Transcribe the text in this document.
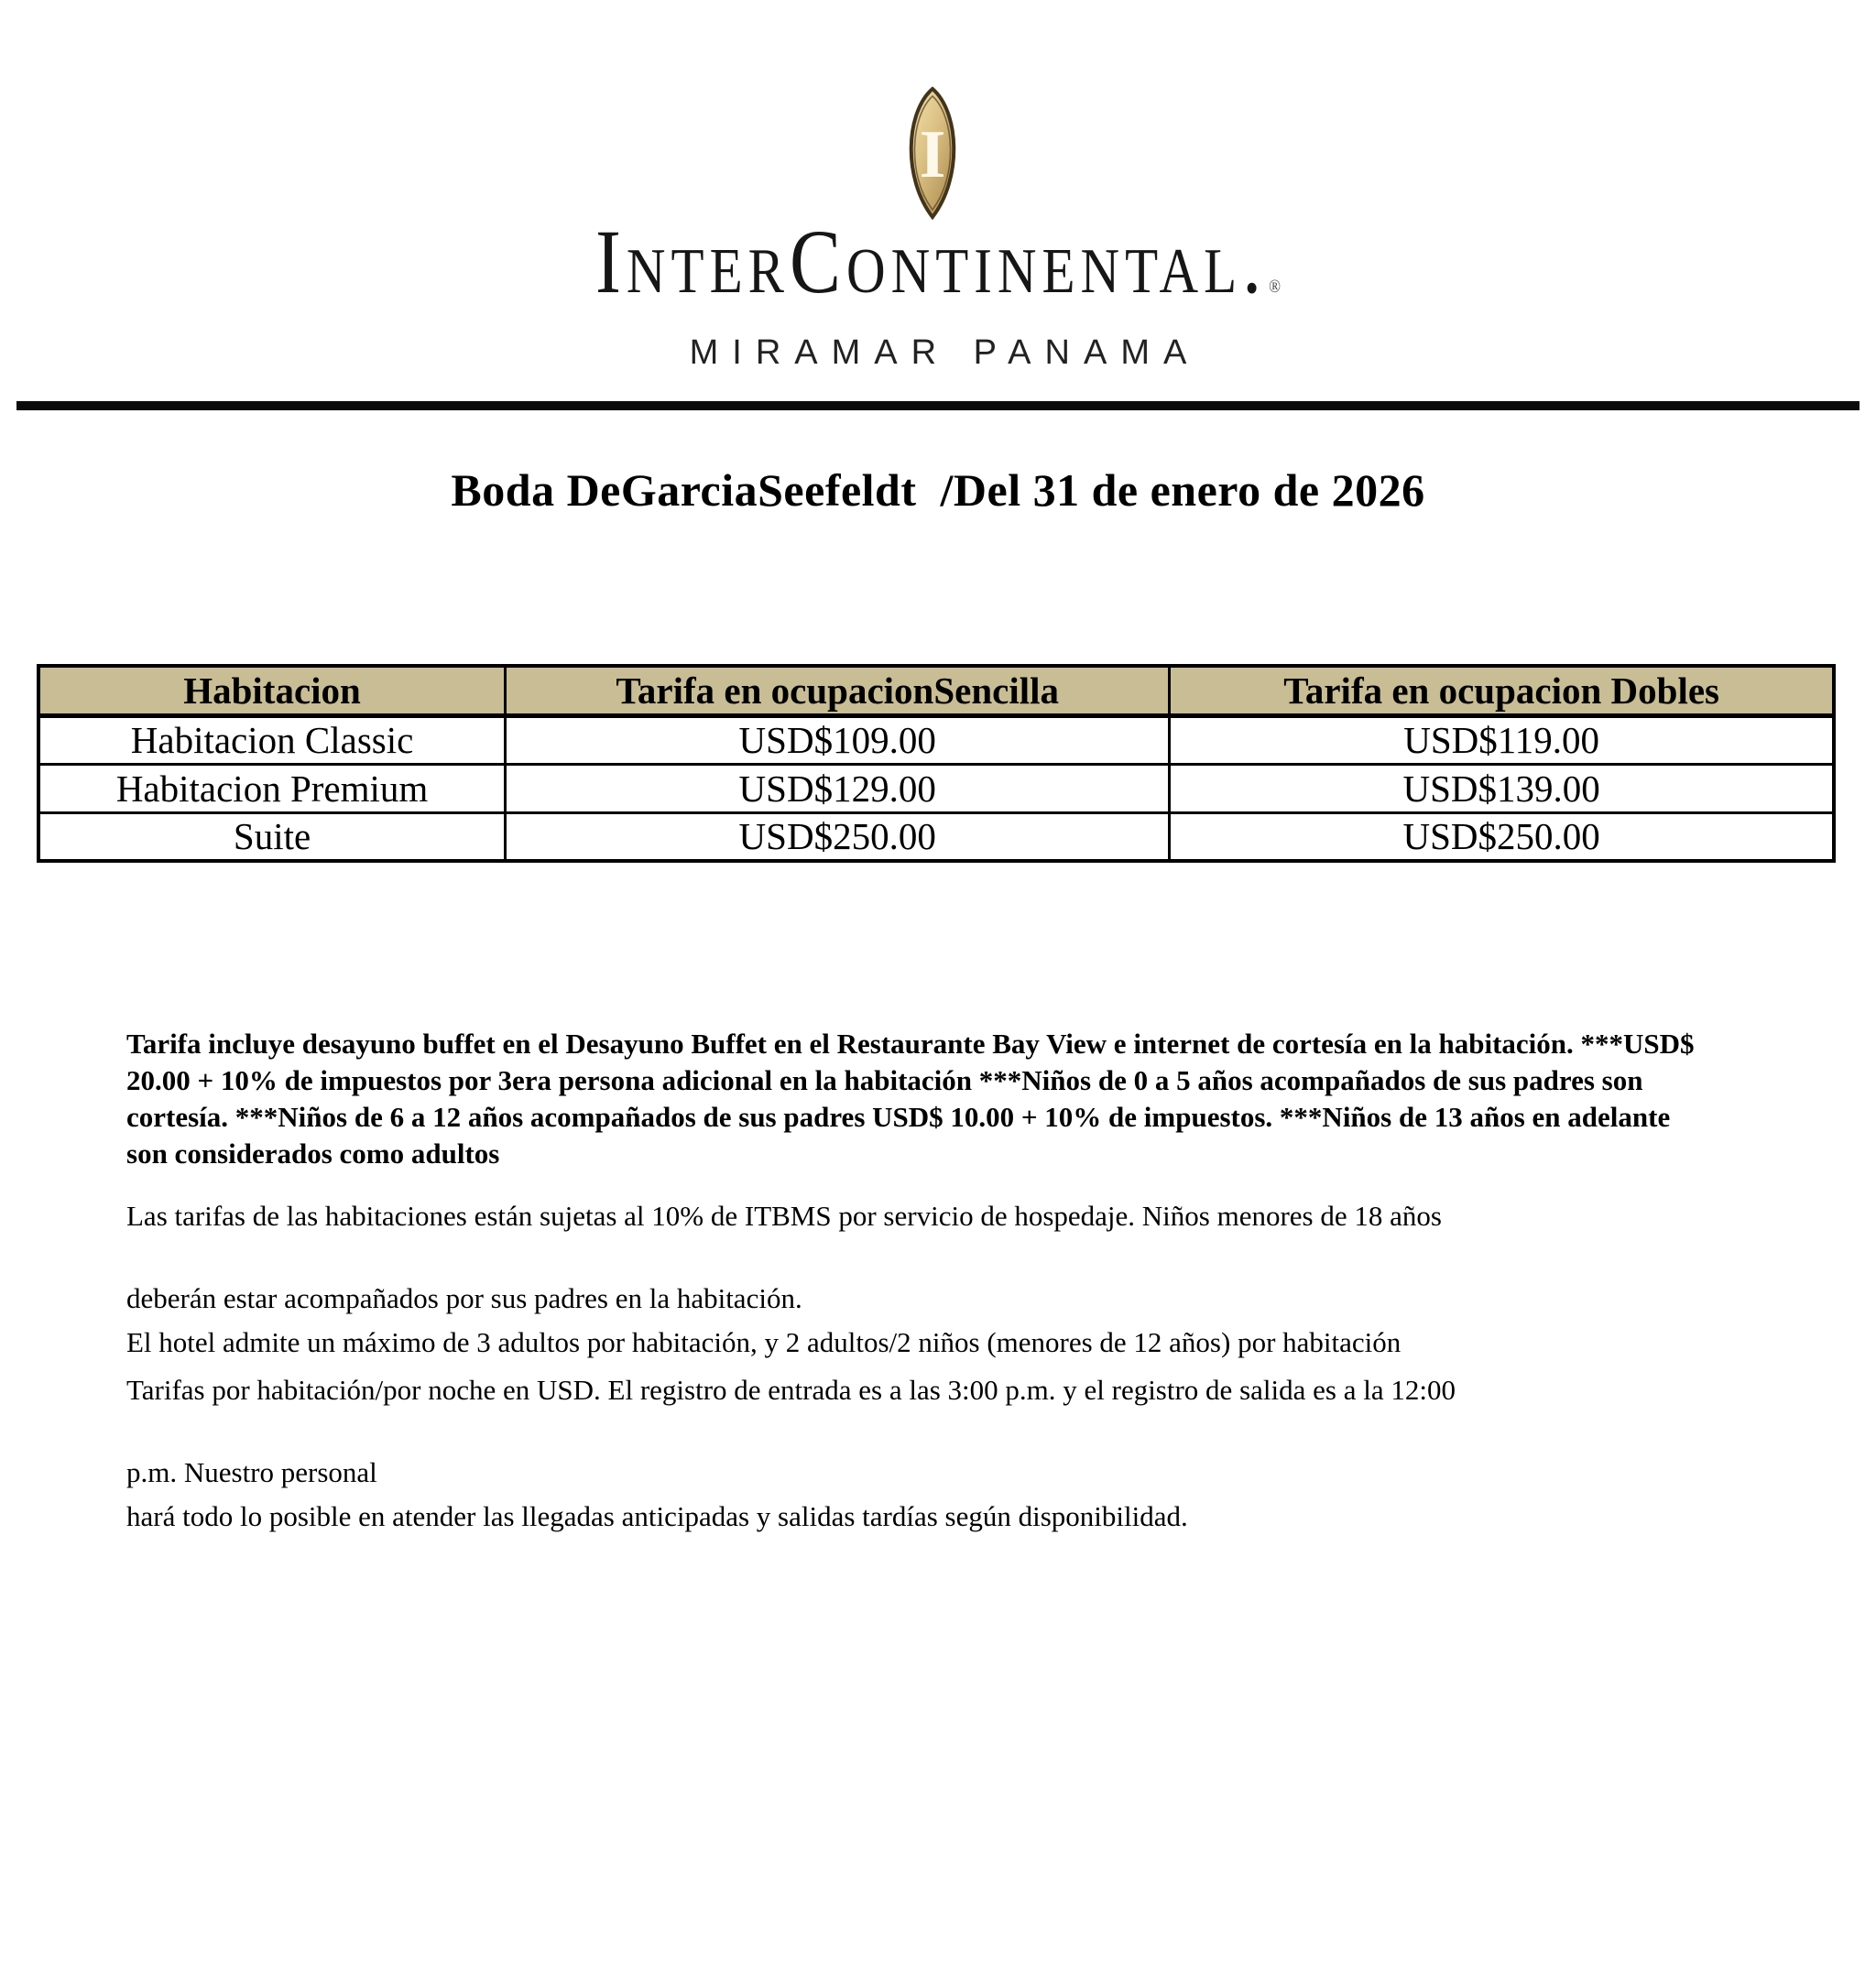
I
InterContinental. ®
MIRAMAR PANAMA
Boda DeGarciaSeefeldt  /Del 31 de enero de 2026
Habitacion	Tarifa en ocupacionSencilla	Tarifa en ocupacion Dobles
Habitacion Classic	USD$109.00	USD$119.00
Habitacion Premium	USD$129.00	USD$139.00
Suite	USD$250.00	USD$250.00

Tarifa incluye desayuno buffet en el Desayuno Buffet en el Restaurante Bay View e internet de cortesía en la habitación. ***USD$ 20.00 + 10% de impuestos por 3era persona adicional en la habitación ***Niños de 0 a 5 años acompañados de sus padres son cortesía. ***Niños de 6 a 12 años acompañados de sus padres USD$ 10.00 + 10% de impuestos. ***Niños de 13 años en adelante son considerados como adultos

Las tarifas de las habitaciones están sujetas al 10% de ITBMS por servicio de hospedaje. Niños menores de 18 años

deberán estar acompañados por sus padres en la habitación.

El hotel admite un máximo de 3 adultos por habitación, y 2 adultos/2 niños (menores de 12 años) por habitación

Tarifas por habitación/por noche en USD. El registro de entrada es a las 3:00 p.m. y el registro de salida es a la 12:00

p.m. Nuestro personal

hará todo lo posible en atender las llegadas anticipadas y salidas tardías según disponibilidad.
